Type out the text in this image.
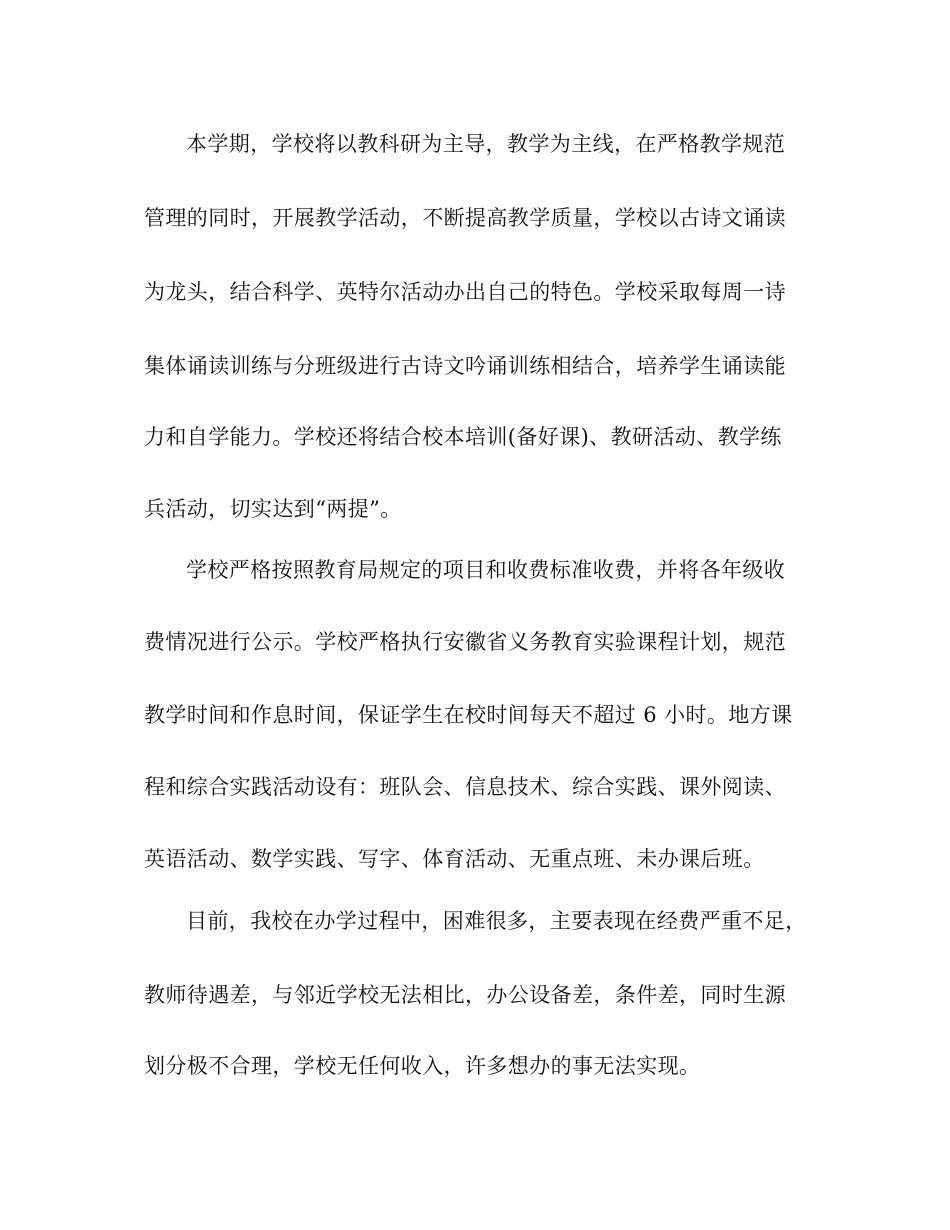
本学期，学校将以教科研为主导，教学为主线，在严格教学规范

管理的同时，开展教学活动，不断提高教学质量，学校以古诗文诵读

为龙头，结合科学、英特尔活动办出自己的特色。学校采取每周一诗

集体诵读训练与分班级进行古诗文吟诵训练相结合，培养学生诵读能

力和自学能力。学校还将结合校本培训(备好课)、教研活动、教学练

兵活动，切实达到“两提”。

学校严格按照教育局规定的项目和收费标准收费，并将各年级收

费情况进行公示。学校严格执行安徽省义务教育实验课程计划，规范

教学时间和作息时间，保证学生在校时间每天不超过 6 小时。地方课

程和综合实践活动设有：班队会、信息技术、综合实践、课外阅读、

英语活动、数学实践、写字、体育活动、无重点班、未办课后班。

目前，我校在办学过程中，困难很多，主要表现在经费严重不足，

教师待遇差，与邻近学校无法相比，办公设备差，条件差，同时生源

划分极不合理，学校无任何收入，许多想办的事无法实现。
